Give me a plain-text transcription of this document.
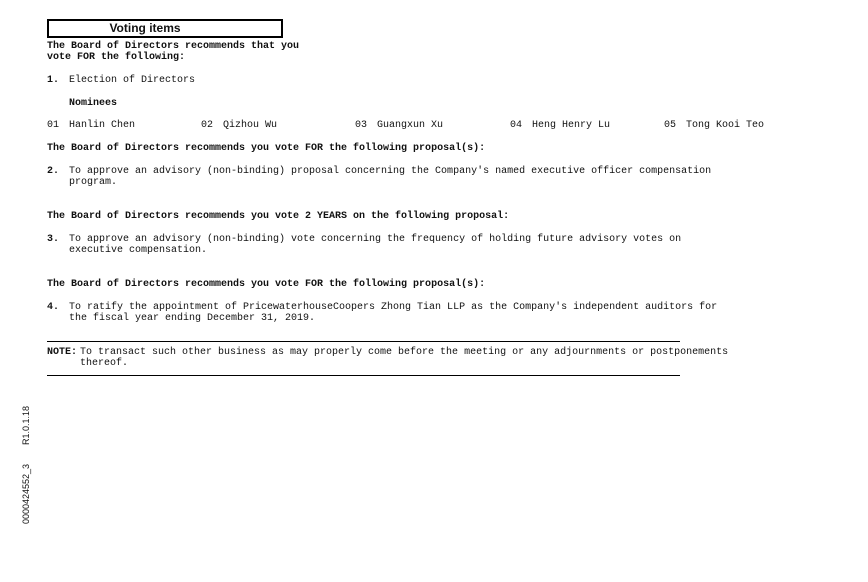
Voting items
The Board of Directors recommends that you
vote FOR the following:
1. Election of Directors
Nominees
01 Hanlin Chen	02 Qizhou Wu	03 Guangxun Xu	04 Heng Henry Lu	05 Tong Kooi Teo
The Board of Directors recommends you vote FOR the following proposal(s):
2. To approve an advisory (non-binding) proposal concerning the Company's named executive officer compensation
program.
The Board of Directors recommends you vote 2 YEARS on the following proposal:
3. To approve an advisory (non-binding) vote concerning the frequency of holding future advisory votes on
executive compensation.
The Board of Directors recommends you vote FOR the following proposal(s):
4. To ratify the appointment of PricewaterhouseCoopers Zhong Tian LLP as the Company's independent auditors for
the fiscal year ending December 31, 2019.
NOTE: To transact such other business as may properly come before the meeting or any adjournments or postponements
thereof.
R1.0.1.18
0000424552_3
